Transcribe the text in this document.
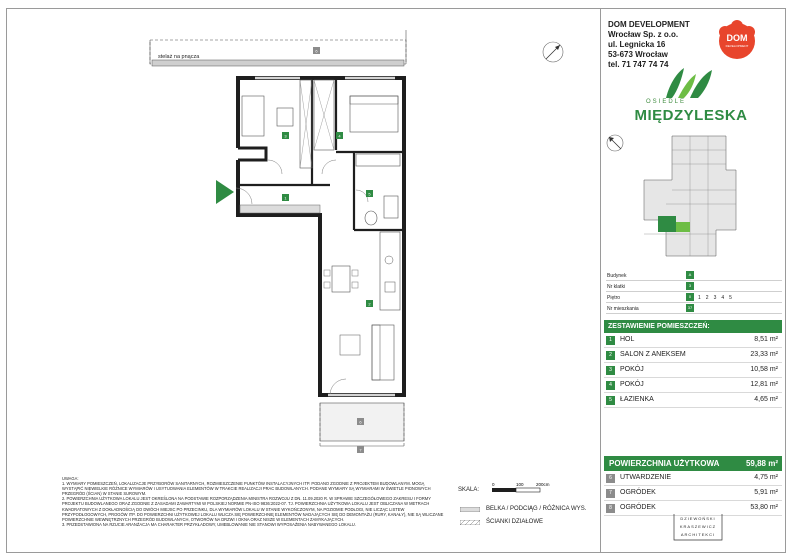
stelaż na pnącza
6
1
2
3	4
5
6
7
DOM DEVELOPMENT
Wrocław Sp. z o.o.
ul. Legnicka 16
53-673 Wrocław
tel. 71 747 74 74
DOM
DEVELOPMENT
OSIEDLE
MIĘDZYLESKA
Budynek	A
Nr klatki	3
Piętro	0	1 2 3 4 5
Nr mieszkania	37
ZESTAWIENIE POMIESZCZEŃ:
1	HOL	8,51 m²
2	SALON Z ANEKSEM	23,33 m²
3	POKÓJ	10,58 m²
4	POKÓJ	12,81 m²
5	ŁAZIENKA	4,65 m²
POWIERZCHNIA UŻYTKOWA	59,88 m²
6	UTWARDZENIE	4,75 m²
7	OGRÓDEK	5,91 m²
8	OGRÓDEK	53,80 m²
DZIEWOŃSKI
KRASZEWICZ
ARCHITEKCI

UWAGA:

1. WYMIARY POMIESZCZEŃ, LOKALIZACJE PRZYBORÓW SANITARNYCH, ROZMIESZCZENIE PUNKTÓW INSTALACYJNYCH ITP. PODANO ZGODNIE Z PROJEKTEM BUDOWLANYM. MOGĄ WYSTĄPIĆ NIEWIELKIE RÓŻNICE WYMIARÓW I USYTUOWANIA ELEMENTÓW W TRAKCIE REALIZACJI PRAC BUDOWLANYCH. PODANE WYMIARY SĄ WYMIARAMI W ŚWIETLE PIONOWYCH PRZEGRÓD (ŚCIAN) W STANIE SUROWYM.

2. POWIERZCHNIA UŻYTKOWA LOKALU JEST OKREŚLONA NA PODSTAWIE ROZPORZĄDZENIA MINISTRA ROZWOJU Z DN. 11.09.2020 R. W SPRAWIE SZCZEGÓŁOWEGO ZAKRESU I FORMY PROJEKTU BUDOWLANEGO ORAZ ZGODNIE Z ZASADAMI ZAWARTYMI W POLSKIEJ NORMIE PN-ISO 9836:2022-07. TJ. POWIERZCHNIA UŻYTKOWA LOKALU JEST OBLICZANA W METRACH KWADRATOWYCH Z DOKŁADNOŚCIĄ DO DWÓCH MIEJSC PO PRZECINKU, DLA WYMIARÓW LOKALU W STANIE WYKOŃCZONYM, NA POZIOMIE PODŁOGI, NIE LICZĄC LISTEW PRZYPODŁOGOWYCH, PROGÓW ITP. DO POWIERZCHNI UŻYTKOWEJ LOKALU WLICZA SIĘ POWIERZCHNIĘ ELEMENTÓW NADAJĄCYCH SIĘ DO DEMONTAŻU (RURY, KANAŁY), NIE SĄ WLICZANE POWIERZCHNIE WEWNĘTRZNYCH PRZEGRÓD BUDOWLANYCH, OTWORÓW NA DRZWI I OKNA ORAZ NISZE W ELEMENTACH ZAMYKAJĄCYCH.

3. PRZEDSTAWIONA NA RZUCIE ARANŻACJA MA CHARAKTER PRZYKŁADOWY, UMEBLOWANIE NIE STANOWI WYPOSAŻENIA NABYWANEGO LOKALU.

SKALA:
0	100	200cm
BELKA / PODCIĄG / RÓŻNICA WYS.
ŚCIANKI DZIAŁOWE
